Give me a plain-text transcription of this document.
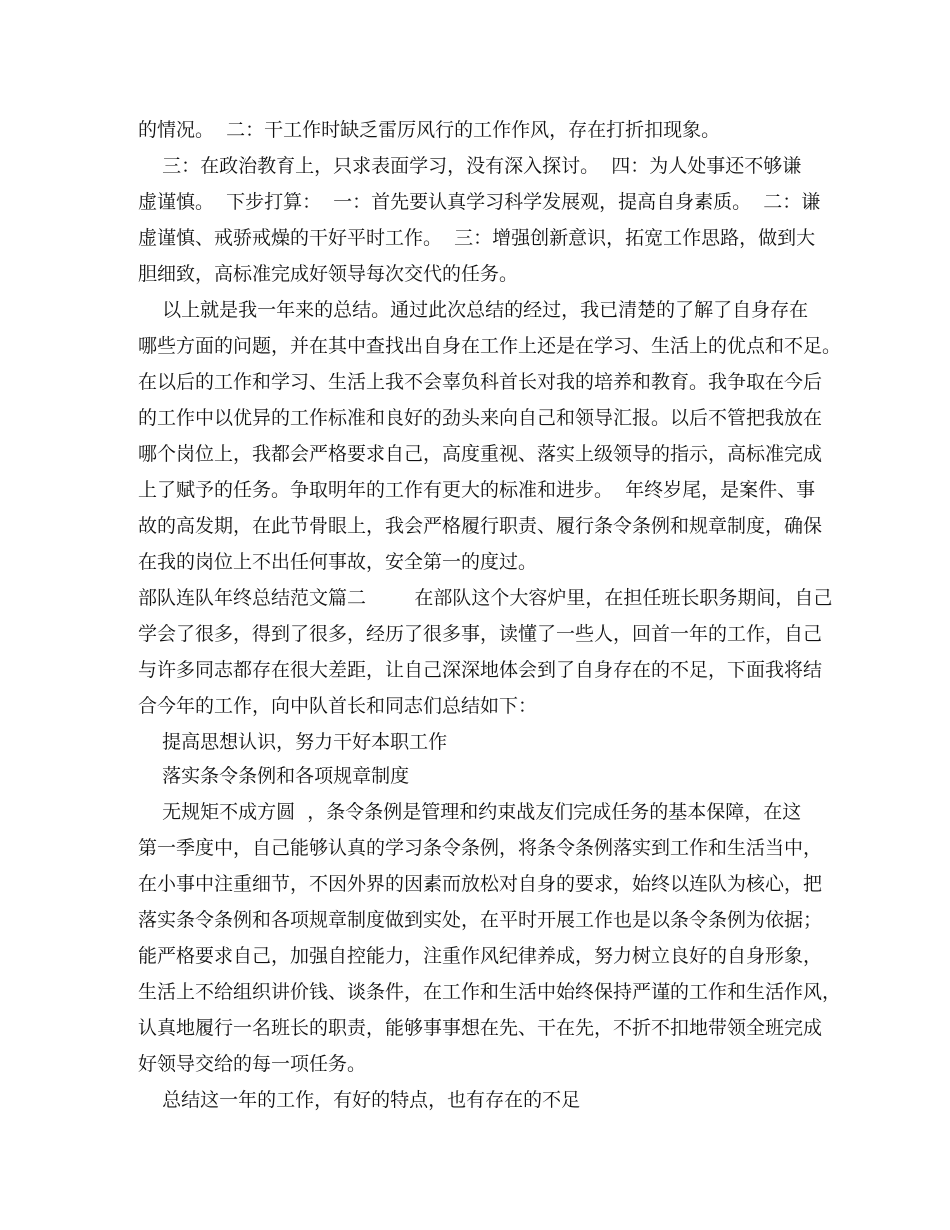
的情况。  二：干工作时缺乏雷厉风行的工作作风，存在打折扣现象。
三：在政治教育上，只求表面学习，没有深入探讨。  四：为人处事还不够谦
虚谨慎。  下步打算：  一：首先要认真学习科学发展观，提高自身素质。  二：谦
虚谨慎、戒骄戒燥的干好平时工作。  三：增强创新意识，拓宽工作思路，做到大
胆细致，高标准完成好领导每次交代的任务。
以上就是我一年来的总结。通过此次总结的经过，我已清楚的了解了自身存在
哪些方面的问题，并在其中查找出自身在工作上还是在学习、生活上的优点和不足。
在以后的工作和学习、生活上我不会辜负科首长对我的培养和教育。我争取在今后
的工作中以优异的工作标准和良好的劲头来向自己和领导汇报。以后不管把我放在
哪个岗位上，我都会严格要求自己，高度重视、落实上级领导的指示，高标准完成
上了赋予的任务。争取明年的工作有更大的标准和进步。  年终岁尾，是案件、事
故的高发期，在此节骨眼上，我会严格履行职责、履行条令条例和规章制度，确保
在我的岗位上不出任何事故，安全第一的度过。
部队连队年终总结范文篇二        在部队这个大容炉里，在担任班长职务期间，自己
学会了很多，得到了很多，经历了很多事，读懂了一些人，回首一年的工作，自己
与许多同志都存在很大差距，让自己深深地体会到了自身存在的不足，下面我将结
合今年的工作，向中队首长和同志们总结如下：
提高思想认识，努力干好本职工作
落实条令条例和各项规章制度
无规矩不成方圆  ，条令条例是管理和约束战友们完成任务的基本保障，在这
第一季度中，自己能够认真的学习条令条例，将条令条例落实到工作和生活当中，
在小事中注重细节，不因外界的因素而放松对自身的要求，始终以连队为核心，把
落实条令条例和各项规章制度做到实处，在平时开展工作也是以条令条例为依据；
能严格要求自己，加强自控能力，注重作风纪律养成，努力树立良好的自身形象，
生活上不给组织讲价钱、谈条件，在工作和生活中始终保持严谨的工作和生活作风，
认真地履行一名班长的职责，能够事事想在先、干在先，不折不扣地带领全班完成
好领导交给的每一项任务。
总结这一年的工作，有好的特点，也有存在的不足
